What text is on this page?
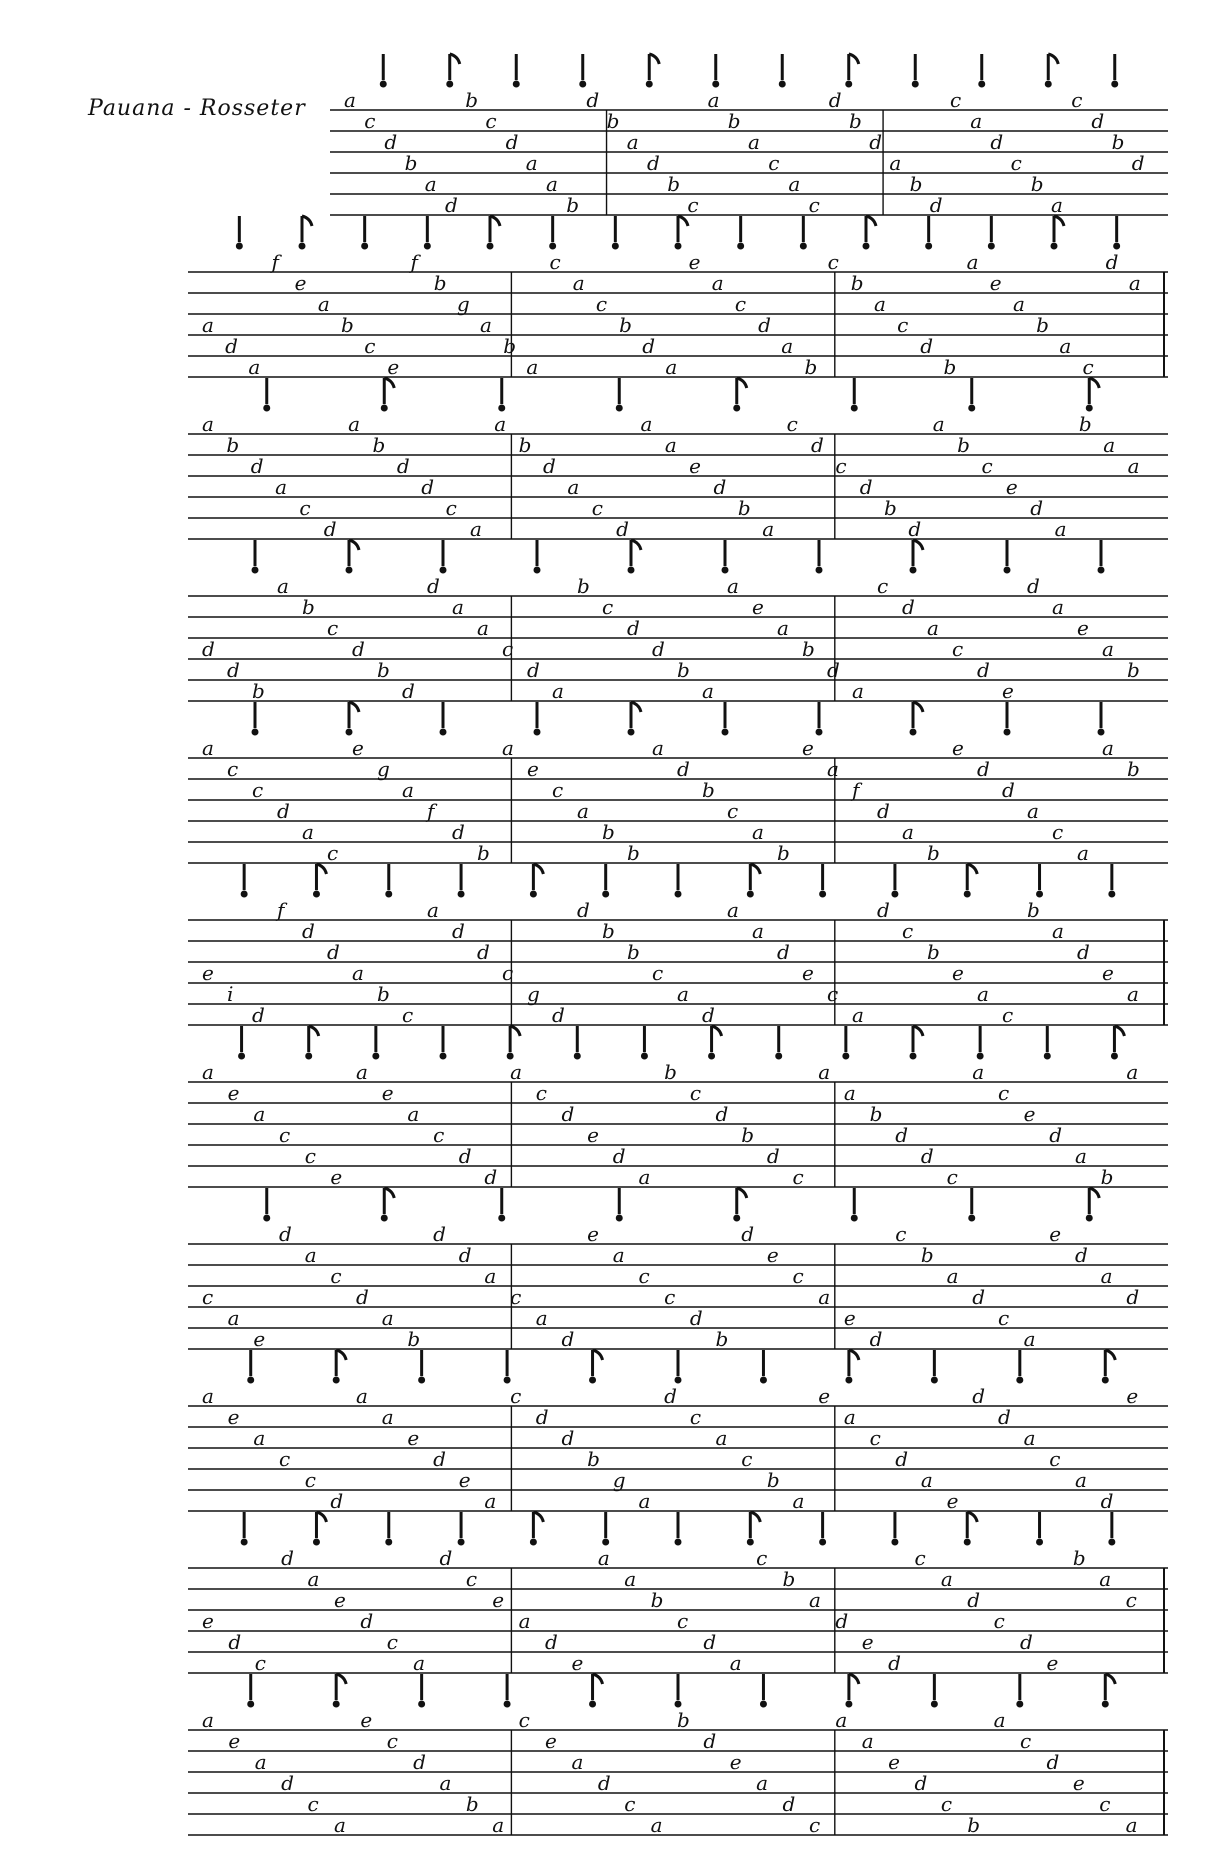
Pauana - Rosseter a
c
d
b
a
d
b
c
d
a
a
b
d
b
a
d
b
c
a
b
a
c
a
c
d
b
d
a
b
d
c
a
d
c
b
a
c
d
b
d
a
d
a
f
e
a
b
c
e
f
b
g
a
b
a
c
a
c
b
d
a
e
a
c
d
a
b
c
b
a
c
d
b
a
e
a
b
a
c
d
a
a
b
d
a
c
d
a
b
d
d
c
a
a
b
d
a
c
d
a
a
e
d
b
a
c
d
c
d
b
d
a
b
c
e
d
a
b
a
a
d
d
b
a
b
c
d
b
d
d
a
a
c
d
a
b
c
d
d
b
a
a
e
a
b
d
a
c
d
a
c
d
e
d
a
e
a
b
a
c
c
d
a
c
e
g
a
f
d
b
a
e
c
a
b
b
a
d
b
c
a
b
e
a
f
d
a
b
e
d
d
a
c
a
a
b
e
i
d
f
d
d
a
b
c
a
d
d
c
g
d
d
b
b
c
a
d
a
a
d
e
c
a
d
c
b
e
a
c
b
a
d
e
a
a
e
a
c
c
e
a
e
a
c
d
d
a
c
d
e
d
a
b
c
d
b
d
c
a
a
b
d
d
c
a
c
e
d
a
b
a
c
a
e
d
a
c
d
a
b
d
d
a
c
a
d
e
a
c
c
d
b
d
e
c
a
e
d
c
b
a
d
c
a
e
d
a
d
a
e
a
c
c
d
a
a
e
d
e
a
c
d
d
b
g
a
d
c
a
c
b
a
e
a
c
d
a
e
d
d
a
c
a
d
e
e
d
c
d
a
e
d
c
a
d
c
e
a
d
e
a
a
b
c
d
a
c
b
a
d
e
d
c
a
d
c
d
e
b
a
c
a
e
a
d
c
a
e
c
d
a
b
a
c
e
a
d
c
a
b
d
e
a
d
c
a
a
e
d
c
b
a
c
d
e
c
a
